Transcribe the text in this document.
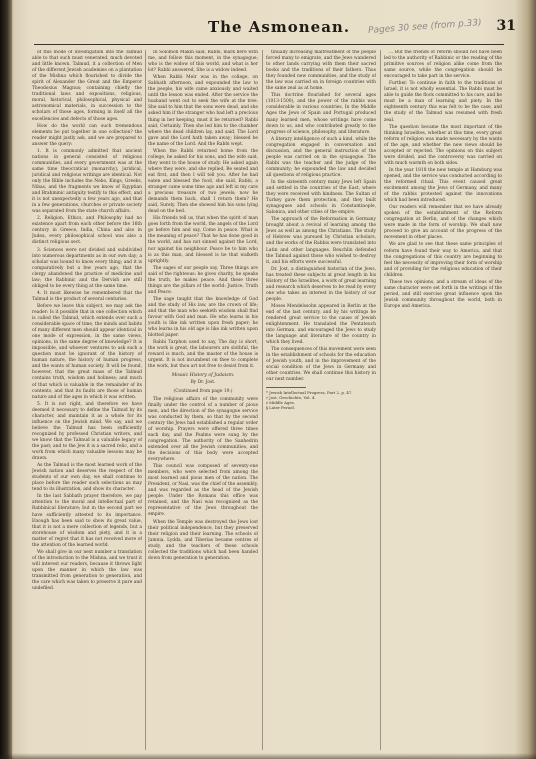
The Asmonean.	Pages 30 see (from p.33) 31

of this mode of investigation into the Talmud able to that such must venerated, much devoted and little known. Talmud, it a collection of Men of the different Jewish academies on a plantation of the Mishna which flourished to divide the spirit of Alexander the Great and the Emperor Theodosius Magnus; containing chiefly the traditional laws and expositions, religious, moral, historical, philosophical, physical and astronomical materials, in succession to the scholars of those ages, forming in itself all the excellencies and defects of those ages.

How do the world can such tremendous elements be put together in one collection? the reader might justly ask, and we are prepared to answer the query:

1. It is commonly admitted that ancient nations in general consisted of religious communities, and every government was at the same time theocratical (monarchy), juridical, juridical and religious writings are identical. Not only the Bible includes the Nebo, Kings, Greeks, Nibas, and the fragments we know of Egyptian and Brahminic antiquity testify to this effect, and it is not unexpectedly a few years ago, and that in a few generations, churches or private society was separated from the state church affairs.

2. Religion, Ethics, and Philosophy had no existence apart from each other before the 16th century in Greece, India, China and also in Judea, every philosophical school was also a distinct religious sect.

3. Sciences were not divided and subdivided into numerous departments as in our own day; a scholar was bound to know every thing; and it is comparatively but a few years ago, that the clergy abandoned the practice of medicine and law; the Rabbinic and the Dervish are still obliged to be every thing at the same time.

4. It must likewise be remembered that the Talmud is the product of several centuries.

Before we leave this subject, we may ask the reader: Is it possible that in one collection which is called the Talmud, which extends over such a considerable space of time, the minds and habits of many different men should appear identical in one mode of expression, in the same views, opinions, in the same degree of knowledge? It is impossible, and whoever ventures to ask such a question must be ignorant of the history of human nature, the history of human progress, and the wants of human society. It will be found, however, that the great mass of the Talmud contains truth, wisdom and holiness; and much of that which is valuable in the remainder of its contents, and that its faults are those of human nature and of the ages in which it was written.

5. It is not right, and therefore we have deemed it necessary to define the Talmud by its character, and maintain it as a whole for its influence on the Jewish mind. We say, and we believe the Talmud has been sufficiently recognized by professed Christian writers, and we know that the Talmud is a valuable legacy of the past; and to the Jew it is a sacred relic, and a work from which many valuable lessons may be drawn.

As the Talmud is the most learned work of the Jewish nation and deserves the respect of the students of our own day, we shall continue to place before the reader such selections as may tend to its illustration, and show its character.

In the last Sabbath prayer therefore, we pay attention to the moral and intellectual part of Rabbinical literature; but in the second part we have sufficiently attested to its importance. Enough has been said to show its great value, that it is not a mere collection of legends, but a storehouse of wisdom and piety, and it is a matter of regret that it has not received more of the attention of the learned world.

We shall give in our next number a translation of the introduction to the Mishna, and we trust it will interest our readers, because it throws light upon the manner in which the law was transmitted from generation to generation, and the care which was taken to preserve it pure and undefiled.

In Solomon Makin said, Rabbi, mark here with me, and follow this moment, in the synagogue; who is the widow of this world, and what is her lot? Rabbi answered, She is a widow indeed.

When Rabbi Meir was in the college, on Sabbath afternoon, and expounded the law to the people, his wife came anxiously and waited until the lesson was ended. After the service the husband went out to seek the wife at the tree. She said to him that the sons were dead, and she asked him if the stranger who had left a precious thing in her keeping, must it be returned? Rabbi said, Certainly. Then she led him to the chamber where the dead children lay, and said, The Lord gave and the Lord hath taken away; blessed be the name of the Lord. And the Rabbi wept.

When the Rabbi returned home from the college, he asked for his sons, and the wife said, they went to the house of study. He asked again where they were, and she replied, Be seated and eat first, and then I will tell you. After he had eaten and blessed the food, she said, Rabbi, a stranger came some time ago and left in my care a precious treasure of two jewels; now he demands them back, shall I return them? He said, Surely. Then she showed him his sons lying dead on the bed.

His friends tell us, that when the spirit of man goes forth from the world, the angels of the Lord go before him and say, Come in peace. What is the meaning of peace? That he has done good in the world, and has not sinned against the Lord, nor against his neighbour. Peace be to him who is as this man, and blessed is he that walketh uprightly.

The sages of our people say, Three things are said of the righteous: he gives charity, he speaks the truth, he makes peace. And these three things are the pillars of the world: Justice, Truth and Peace.

The sage taught that the knowledge of God and the study of His law, are the crown of life; and that the man who seeketh wisdom shall find favour with God and man. He who learns in his youth is like ink written upon fresh paper; he who learns in his old age is like ink written upon blotted paper.

Rabbi Tarphon used to say, The day is short, the work is great, the labourers are slothful, the reward is much, and the master of the house is urgent. It is not incumbent on thee to complete the work, but thou art not free to desist from it.

Mosaic History of Judaism.
By Dr. Jost.
(Continued from page 19.)

The religious affairs of the community were finally under the control of a number of pious men, and the direction of the synagogue service was conducted by them, so that by the second century the Jews had established a regular order of worship. Prayers were offered three times each day, and the Psalms were sung by the congregation. The authority of the Sanhedrin extended over all the Jewish communities, and the decisions of this body were accepted everywhere.

This council was composed of seventy-one members, who were selected from among the most learned and pious men of the nation. The President, or Nasi, was the chief of the assembly, and was regarded as the head of the Jewish people. Under the Romans this office was retained, and the Nasi was recognized as the representative of the Jews throughout the empire.

When the Temple was destroyed the Jews lost their political independence, but they preserved their religion and their learning. The schools of Jamnia, Lydda, and Tiberias became centres of study, and the teachers of these schools collected the traditions which had been handed down from generation to generation.

tinually increasing maltreatment of the people forced many to emigrate, and the Jews wandered to other lands carrying with them their sacred books and the traditions of their fathers. Thus they founded new communities, and the study of the law was carried on in foreign countries with the same zeal as at home.

This doctrine flourished for several ages (1013-1500), and the power of the rabbis was considerable in various countries. In the Middle Ages the Jews of Spain and Portugal produced many learned men, whose writings have come down to us, and who contributed greatly to the progress of science, philosophy, and literature.

A literary intelligence of such a kind, while the congregation engaged in conversation and discussion, and the general instruction of the people was carried on in the synagogue. The Rabbi was the teacher and the judge of the community; he expounded the law and decided all questions of religious practice.

In the sixteenth century many Jews left Spain and settled in the countries of the East, where they were received with kindness. The Sultan of Turkey gave them protection, and they built synagogues and schools in Constantinople, Salonica, and other cities of the empire.

The approach of the Reformation in Germany brought about a revival of learning among the Jews as well as among the Christians. The study of Hebrew was pursued by Christian scholars, and the works of the Rabbis were translated into Latin and other languages. Reuchlin defended the Talmud against those who wished to destroy it, and his efforts were successful.

Dr. Jost, a distinguished historian of the Jews, has treated these subjects at great length in his History of the Israelites, a work of great learning and research which deserves to be read by every one who takes an interest in the history of our people.

Moses Mendelssohn appeared in Berlin at the end of the last century, and by his writings he rendered great service to the cause of Jewish enlightenment. He translated the Pentateuch into German, and encouraged the Jews to study the language and literature of the country in which they lived.

The consequences of this movement were seen in the establishment of schools for the education of Jewish youth, and in the improvement of the social condition of the Jews in Germany and other countries. We shall continue this history in our next number.

* Jewish Intellectual Progress, Part 2, p. 47.

† Jost, Geschichte, Vol. 4.

‡ Middle Ages.

§ Later Period.

... But the friends of reform should not have been led to the authority of Rabbinic or the reading of the primitive sources of religion alike come from the same source, while the congregation should be encouraged to take part in the service.

Further. To continue in faith to the traditions of Israel, it is not wholly essential. The Rabbi must be able to guide the flock committed to his care, and he must be a man of learning and piety. In the eighteenth century this was felt to be the case, and the study of the Talmud was resumed with fresh zeal.

The question became the most important of the thinking Israelites, whether at this time, every great reform of religion was made necessary by the wants of the age, and whether the new views should be accepted or rejected. The opinions on this subject were divided, and the controversy was carried on with much warmth on both sides.

In the year 1818 the new temple at Hamburg was opened, and the service was conducted according to the reformed ritual. This event caused great excitement among the Jews of Germany, and many of the rabbis protested against the innovations which had been introduced.

Our readers will remember that we have already spoken of the establishment of the Reform congregation at Berlin, and of the changes which were made in the form of worship. We shall now proceed to give an account of the progress of the movement in other places.

We are glad to see that these same principles of reform have found their way to America, and that the congregations of this country are beginning to feel the necessity of improving their form of worship and of providing for the religious education of their children.

These two opinions, and a stream of ideas of the same character were set forth in the writings of the period, and still exercise great influence upon the Jewish community throughout the world, both in Europe and America.
